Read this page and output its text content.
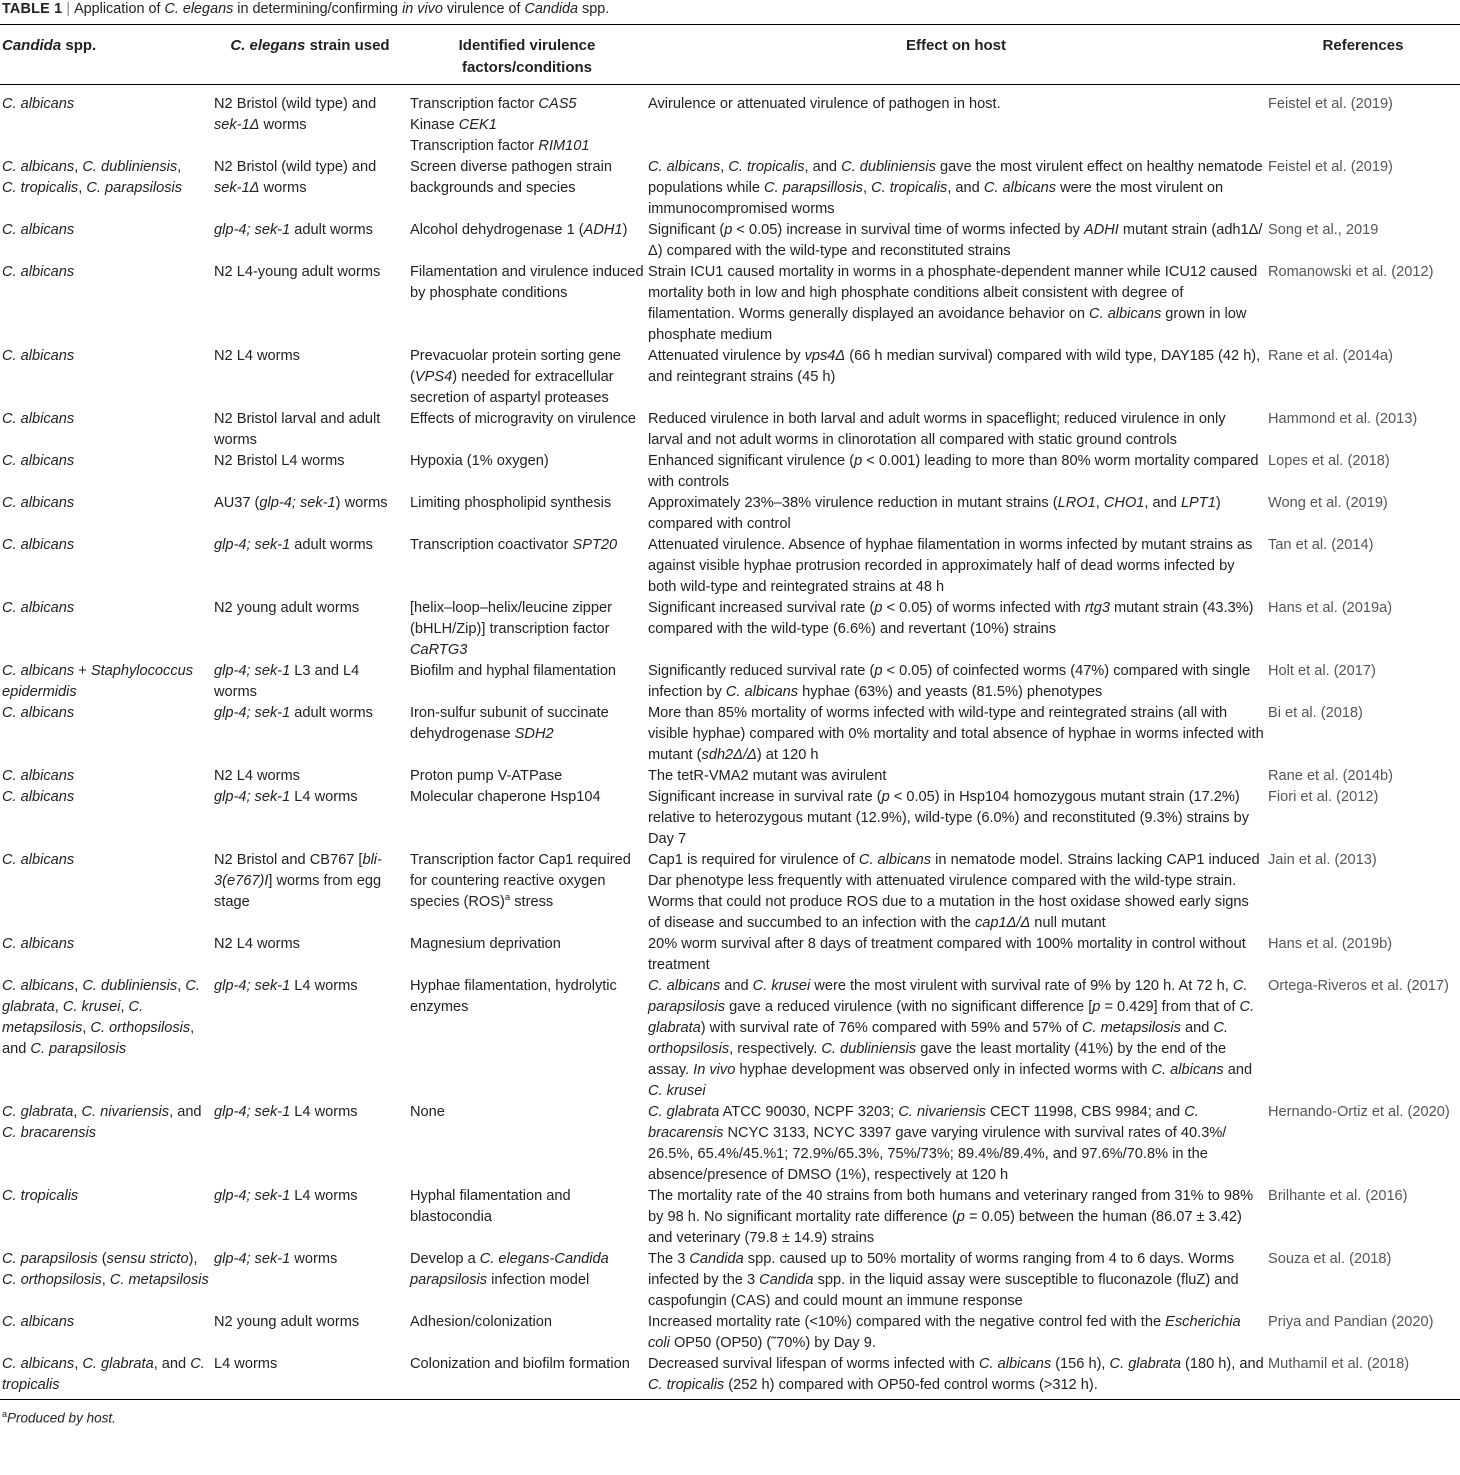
TABLE 1 | Application of C. elegans in determining/confirming in vivo virulence of Candida spp.
Candida spp.	C. elegans strain used	Identified virulence factors/conditions	Effect on host	References
C. albicans	N2 Bristol (wild type) and sek-1Δ worms	Transcription factor CAS5
Kinase CEK1
Transcription factor RIM101	Avirulence or attenuated virulence of pathogen in host.	Feistel et al. (2019)
C. albicans, C. dubliniensis,
C. tropicalis, C. parapsilosis	N2 Bristol (wild type) and sek-1Δ worms	Screen diverse pathogen strain backgrounds and species	C. albicans, C. tropicalis, and C. dubliniensis gave the most virulent effect on healthy nematode populations while C. parapsillosis, C. tropicalis, and C. albicans were the most virulent on immunocompromised worms	Feistel et al. (2019)
C. albicans	glp-4; sek-1 adult worms	Alcohol dehydrogenase 1 (ADH1)	Significant (p < 0.05) increase in survival time of worms infected by ADHI mutant strain (adh1Δ/Δ) compared with the wild-type and reconstituted strains	Song et al., 2019
C. albicans	N2 L4-young adult worms	Filamentation and virulence induced by phosphate conditions	Strain ICU1 caused mortality in worms in a phosphate-dependent manner while ICU12 caused mortality both in low and high phosphate conditions albeit consistent with degree of filamentation. Worms generally displayed an avoidance behavior on C. albicans grown in low phosphate medium	Romanowski et al. (2012)
C. albicans	N2 L4 worms	Prevacuolar protein sorting gene (VPS4) needed for extracellular secretion of aspartyl proteases	Attenuated virulence by vps4Δ (66 h median survival) compared with wild type, DAY185 (42 h), and reintegrant strains (45 h)	Rane et al. (2014a)
C. albicans	N2 Bristol larval and adult worms	Effects of microgravity on virulence	Reduced virulence in both larval and adult worms in spaceflight; reduced virulence in only larval and not adult worms in clinorotation all compared with static ground controls	Hammond et al. (2013)
C. albicans	N2 Bristol L4 worms	Hypoxia (1% oxygen)	Enhanced significant virulence (p < 0.001) leading to more than 80% worm mortality compared with controls	Lopes et al. (2018)
C. albicans	AU37 (glp-4; sek-1) worms	Limiting phospholipid synthesis	Approximately 23%–38% virulence reduction in mutant strains (LRO1, CHO1, and LPT1) compared with control	Wong et al. (2019)
C. albicans	glp-4; sek-1 adult worms	Transcription coactivator SPT20	Attenuated virulence. Absence of hyphae filamentation in worms infected by mutant strains as against visible hyphae protrusion recorded in approximately half of dead worms infected by both wild-type and reintegrated strains at 48 h	Tan et al. (2014)
C. albicans	N2 young adult worms	[helix–loop–helix/leucine zipper (bHLH/Zip)] transcription factor CaRTG3	Significant increased survival rate (p < 0.05) of worms infected with rtg3 mutant strain (43.3%) compared with the wild-type (6.6%) and revertant (10%) strains	Hans et al. (2019a)
C. albicans + Staphylococcus epidermidis	glp-4; sek-1 L3 and L4 worms	Biofilm and hyphal filamentation	Significantly reduced survival rate (p < 0.05) of coinfected worms (47%) compared with single infection by C. albicans hyphae (63%) and yeasts (81.5%) phenotypes	Holt et al. (2017)
C. albicans	glp-4; sek-1 adult worms	Iron-sulfur subunit of succinate dehydrogenase SDH2	More than 85% mortality of worms infected with wild-type and reintegrated strains (all with visible hyphae) compared with 0% mortality and total absence of hyphae in worms infected with mutant (sdh2Δ/Δ) at 120 h	Bi et al. (2018)
C. albicans	N2 L4 worms	Proton pump V-ATPase	The tetR-VMA2 mutant was avirulent	Rane et al. (2014b)
C. albicans	glp-4; sek-1 L4 worms	Molecular chaperone Hsp104	Significant increase in survival rate (p < 0.05) in Hsp104 homozygous mutant strain (17.2%) relative to heterozygous mutant (12.9%), wild-type (6.0%) and reconstituted (9.3%) strains by Day 7	Fiori et al. (2012)
C. albicans	N2 Bristol and CB767 [bli-3(e767)I] worms from egg stage	Transcription factor Cap1 required for countering reactive oxygen species (ROS)$^a$ stress	Cap1 is required for virulence of C. albicans in nematode model. Strains lacking CAP1 induced Dar phenotype less frequently with attenuated virulence compared with the wild-type strain. Worms that could not produce ROS due to a mutation in the host oxidase showed early signs of disease and succumbed to an infection with the cap1Δ/Δ null mutant	Jain et al. (2013)
C. albicans	N2 L4 worms	Magnesium deprivation	20% worm survival after 8 days of treatment compared with 100% mortality in control without treatment	Hans et al. (2019b)
C. albicans, C. dubliniensis, C. glabrata, C. krusei, C. metapsilosis, C. orthopsilosis, and C. parapsilosis	glp-4; sek-1 L4 worms	Hyphae filamentation, hydrolytic enzymes	C. albicans and C. krusei were the most virulent with survival rate of 9% by 120 h. At 72 h, C. parapsilosis gave a reduced virulence (with no significant difference [p = 0.429] from that of C. glabrata) with survival rate of 76% compared with 59% and 57% of C. metapsilosis and C. orthopsilosis, respectively. C. dubliniensis gave the least mortality (41%) by the end of the assay. In vivo hyphae development was observed only in infected worms with C. albicans and C. krusei	Ortega-Riveros et al. (2017)
C. glabrata, C. nivariensis, and C. bracarensis	glp-4; sek-1 L4 worms	None	C. glabrata ATCC 90030, NCPF 3203; C. nivariensis CECT 11998, CBS 9984; and C. bracarensis NCYC 3133, NCYC 3397 gave varying virulence with survival rates of 40.3%/ 26.5%, 65.4%/45.%1; 72.9%/65.3%, 75%/73%; 89.4%/89.4%, and 97.6%/70.8% in the absence/presence of DMSO (1%), respectively at 120 h	Hernando-Ortiz et al. (2020)
C. tropicalis	glp-4; sek-1 L4 worms	Hyphal filamentation and blastocondia	The mortality rate of the 40 strains from both humans and veterinary ranged from 31% to 98% by 98 h. No significant mortality rate difference (p = 0.05) between the human (86.07 ± 3.42) and veterinary (79.8 ± 14.9) strains	Brilhante et al. (2016)
C. parapsilosis (sensu stricto), C. orthopsilosis, C. metapsilosis	glp-4; sek-1 worms	Develop a C. elegans-Candida parapsilosis infection model	The 3 Candida spp. caused up to 50% mortality of worms ranging from 4 to 6 days. Worms infected by the 3 Candida spp. in the liquid assay were susceptible to fluconazole (fluZ) and caspofungin (CAS) and could mount an immune response	Souza et al. (2018)
C. albicans	N2 young adult worms	Adhesion/colonization	Increased mortality rate (<10%) compared with the negative control fed with the Escherichia coli OP50 (OP50) (˜70%) by Day 9.	Priya and Pandian (2020)
C. albicans, C. glabrata, and C. tropicalis	L4 worms	Colonization and biofilm formation	Decreased survival lifespan of worms infected with C. albicans (156 h), C. glabrata (180 h), and C. tropicalis (252 h) compared with OP50-fed control worms (>312 h).	Muthamil et al. (2018)
$^a$Produced by host.
